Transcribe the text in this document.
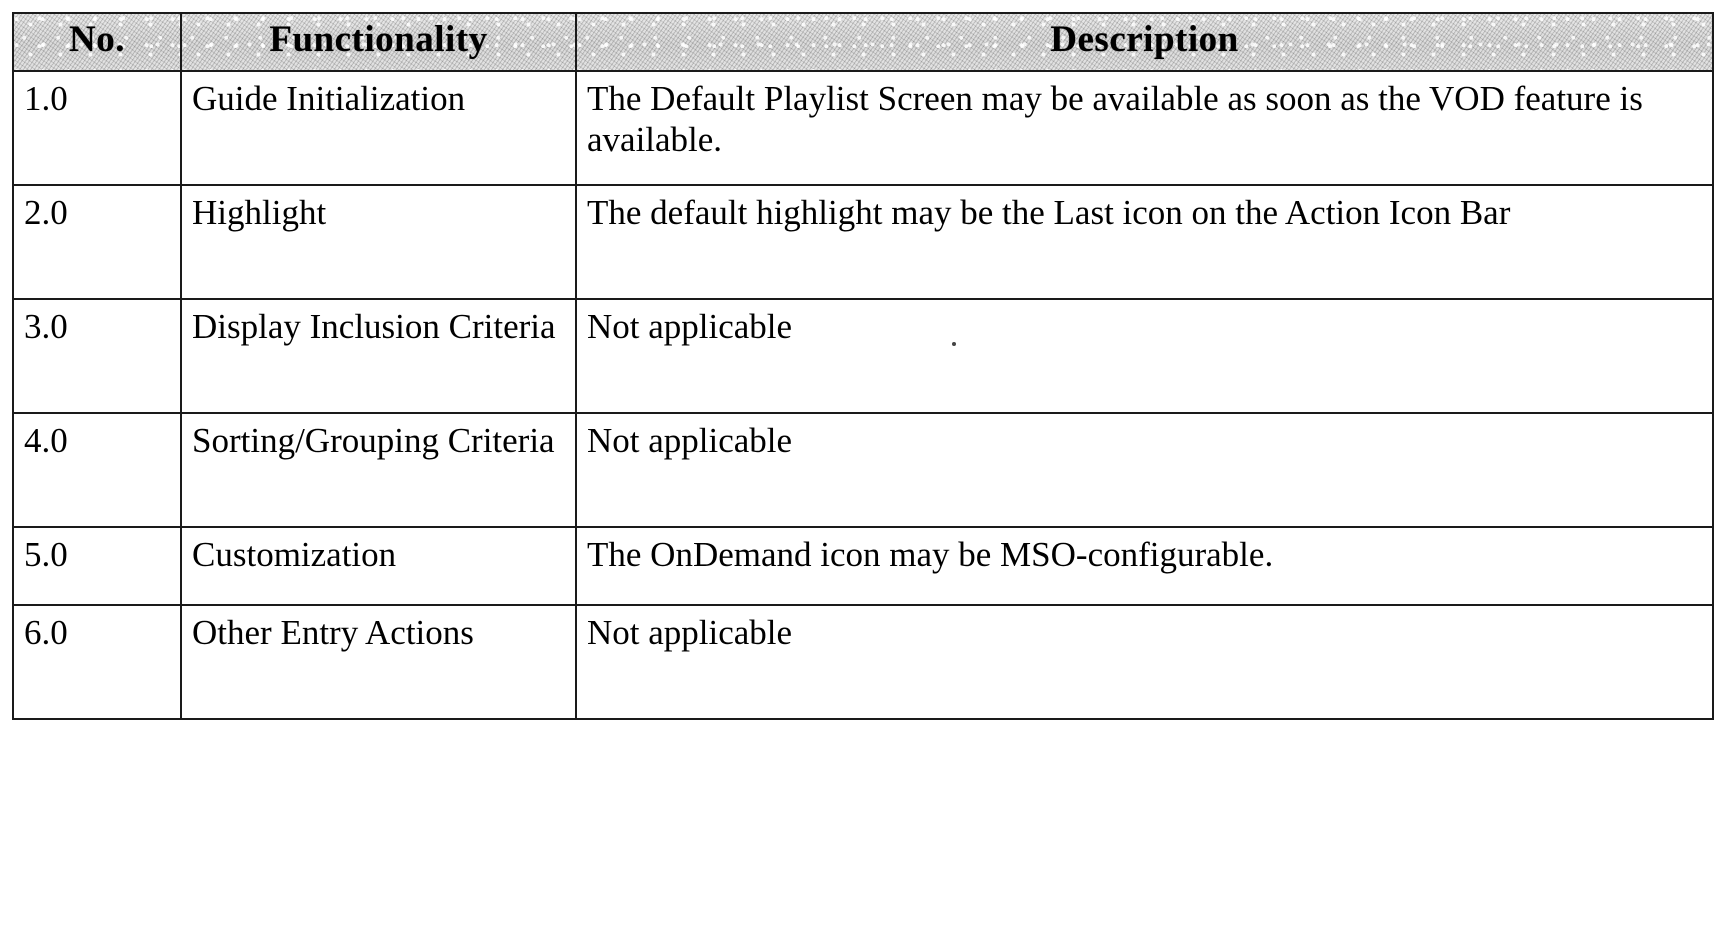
No.	Functionality	Description
1.0	Guide Initialization	The Default Playlist Screen may be available as soon as the VOD feature is available.
2.0	Highlight	The default highlight may be the Last icon on the Action Icon Bar
3.0	Display Inclusion Criteria	Not applicable
4.0	Sorting/Grouping Criteria	Not applicable
5.0	Customization	The OnDemand icon may be MSO-configurable.
6.0	Other Entry Actions	Not applicable
